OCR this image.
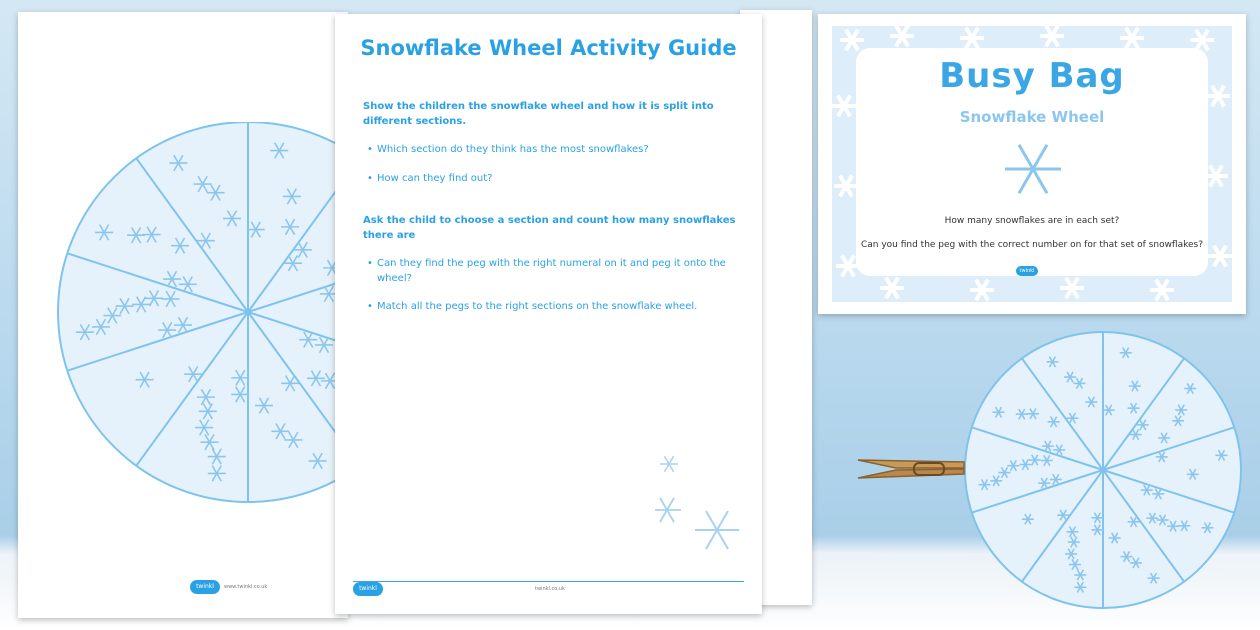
twinkl	www.twinkl.co.uk
Snowflake Wheel Activity Guide

Show the children the snowflake wheel and how it is split into different sections.

• Which section do they think has the most snowflakes?

• How can they find out?

Ask the child to choose a section and count how many snowflakes there are

• Can they find the peg with the right numeral on it and peg it onto the wheel?

• Match all the pegs to the right sections on the snowflake wheel.

twinkl	twinkl.co.uk
Busy Bag
Snowflake Wheel
How many snowflakes are in each set?
Can you find the peg with the correct number on for that set of snowflakes?
twinkl
